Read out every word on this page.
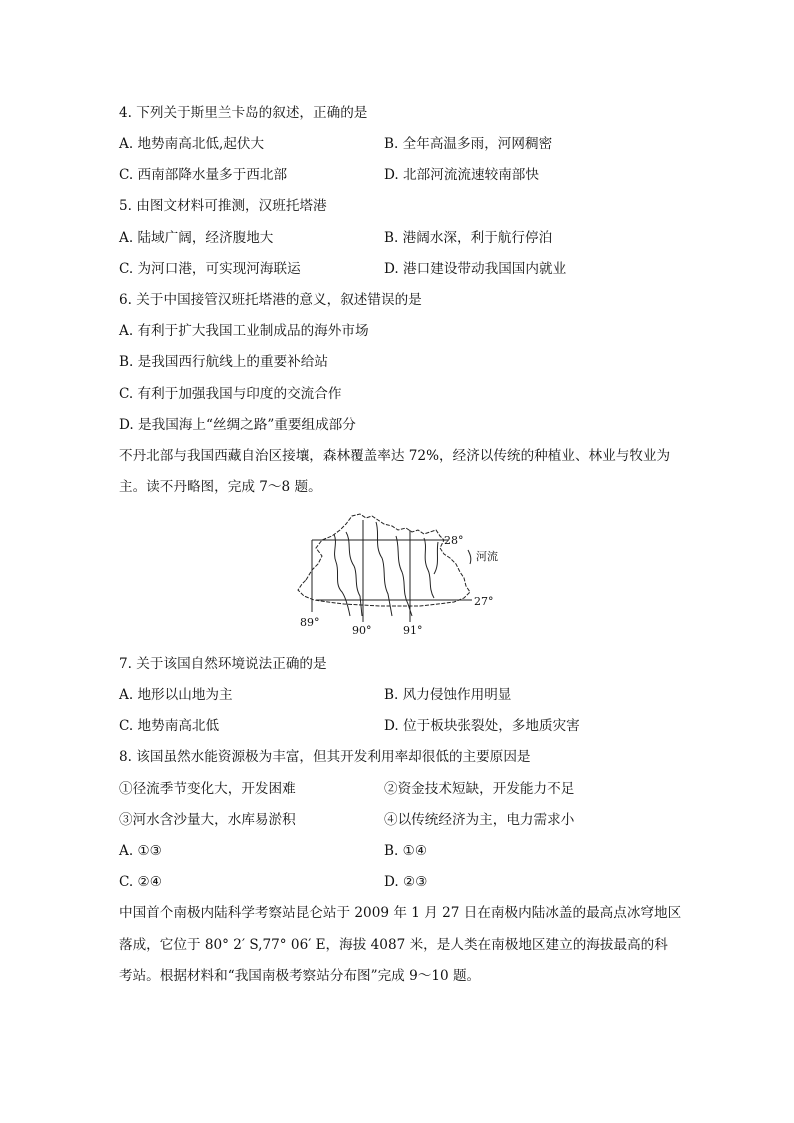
4. 下列关于斯里兰卡岛的叙述，正确的是
A. 地势南高北低,起伏大	B. 全年高温多雨，河网稠密
C. 西南部降水量多于西北部	D. 北部河流流速较南部快
5. 由图文材料可推测，汉班托塔港
A. 陆域广阔，经济腹地大	B. 港阔水深，利于航行停泊
C. 为河口港，可实现河海联运	D. 港口建设带动我国国内就业
6. 关于中国接管汉班托塔港的意义，叙述错误的是
A. 有利于扩大我国工业制成品的海外市场
B. 是我国西行航线上的重要补给站
C. 有利于加强我国与印度的交流合作
D. 是我国海上“丝绸之路”重要组成部分
不丹北部与我国西藏自治区接壤，森林覆盖率达 72%，经济以传统的种植业、林业与牧业为
主。读不丹略图，完成 7～8 题。
28°
27°
89°
90°	91°
河流
7. 关于该国自然环境说法正确的是
A. 地形以山地为主	B. 风力侵蚀作用明显
C. 地势南高北低	D. 位于板块张裂处，多地质灾害
8. 该国虽然水能资源极为丰富，但其开发利用率却很低的主要原因是
①径流季节变化大，开发困难	②资金技术短缺，开发能力不足
③河水含沙量大，水库易淤积	④以传统经济为主，电力需求小
A. ①③	B. ①④
C. ②④	D. ②③
中国首个南极内陆科学考察站昆仑站于 2009 年 1 月 27 日在南极内陆冰盖的最高点冰穹地区
落成，它位于 80° 2′ S,77° 06′ E，海拔 4087 米，是人类在南极地区建立的海拔最高的科
考站。根据材料和“我国南极考察站分布图”完成 9～10 题。
